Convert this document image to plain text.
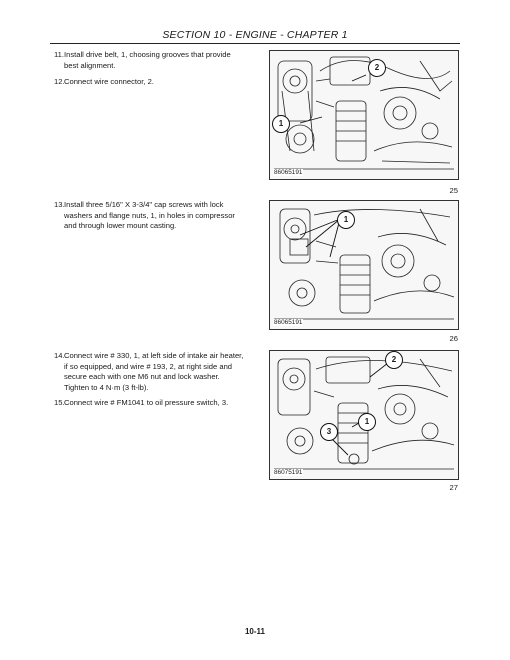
SECTION 10 - ENGINE - CHAPTER 1
11. Install drive belt, 1, choosing grooves that provide best alignment.
12. Connect wire connector, 2.
13. Install three 5/16" X 3-3/4" cap screws with lock washers and flange nuts, 1, in holes in compressor and through lower mount casting.
14. Connect wire # 330, 1, at left side of intake air heater, if so equipped, and wire # 193, 2, at right side and secure each with one M6 nut and lock washer. Tighten to 4 N·m (3 ft-lb).
15. Connect wire # FM1041 to oil pressure switch, 3.
2
1
86065191
25
1
86065191
26
2
1
3
86075191
27
10-11
